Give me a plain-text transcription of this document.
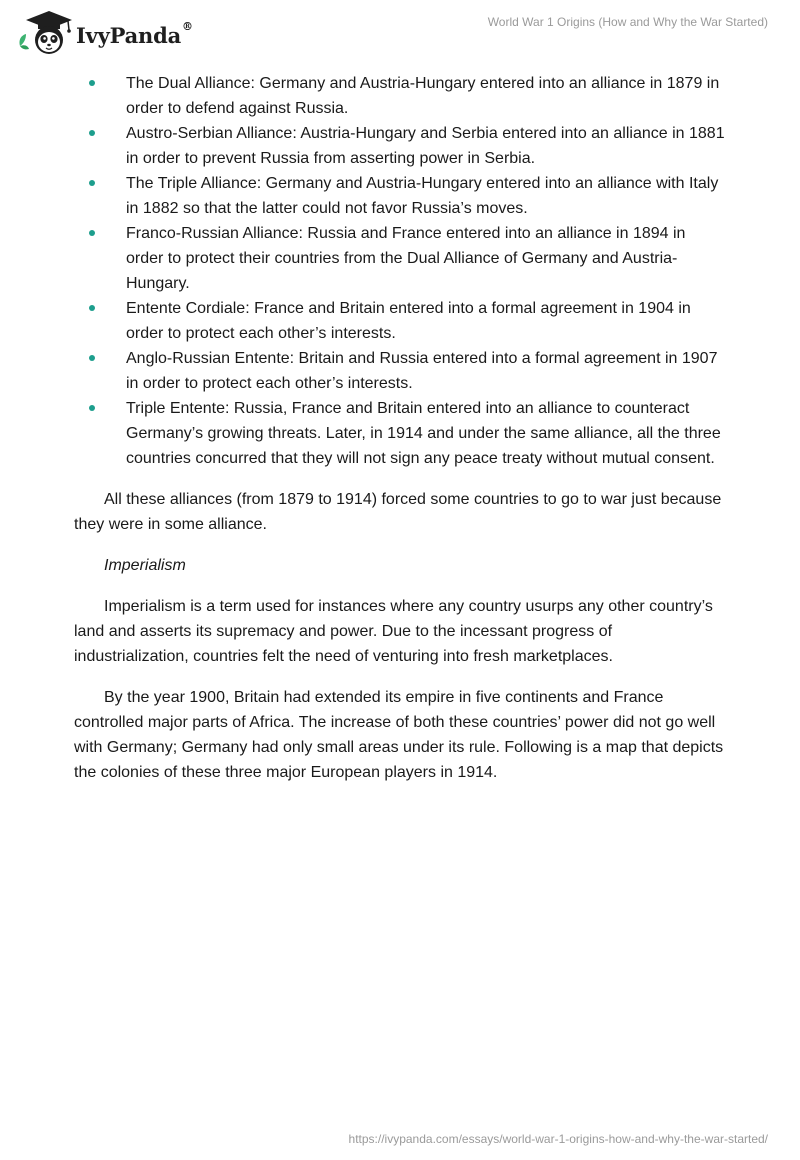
IvyPanda®	World War 1 Origins (How and Why the War Started)
The Dual Alliance: Germany and Austria-Hungary entered into an alliance in 1879 in order to defend against Russia.
Austro-Serbian Alliance: Austria-Hungary and Serbia entered into an alliance in 1881 in order to prevent Russia from asserting power in Serbia.
The Triple Alliance: Germany and Austria-Hungary entered into an alliance with Italy in 1882 so that the latter could not favor Russia’s moves.
Franco-Russian Alliance: Russia and France entered into an alliance in 1894 in order to protect their countries from the Dual Alliance of Germany and Austria-Hungary.
Entente Cordiale: France and Britain entered into a formal agreement in 1904 in order to protect each other’s interests.
Anglo-Russian Entente: Britain and Russia entered into a formal agreement in 1907 in order to protect each other’s interests.
Triple Entente: Russia, France and Britain entered into an alliance to counteract Germany’s growing threats. Later, in 1914 and under the same alliance, all the three countries concurred that they will not sign any peace treaty without mutual consent.

All these alliances (from 1879 to 1914) forced some countries to go to war just because they were in some alliance.

Imperialism

Imperialism is a term used for instances where any country usurps any other country’s land and asserts its supremacy and power. Due to the incessant progress of industrialization, countries felt the need of venturing into fresh marketplaces.

By the year 1900, Britain had extended its empire in five continents and France controlled major parts of Africa. The increase of both these countries’ power did not go well with Germany; Germany had only small areas under its rule. Following is a map that depicts the colonies of these three major European players in 1914.

https://ivypanda.com/essays/world-war-1-origins-how-and-why-the-war-started/
